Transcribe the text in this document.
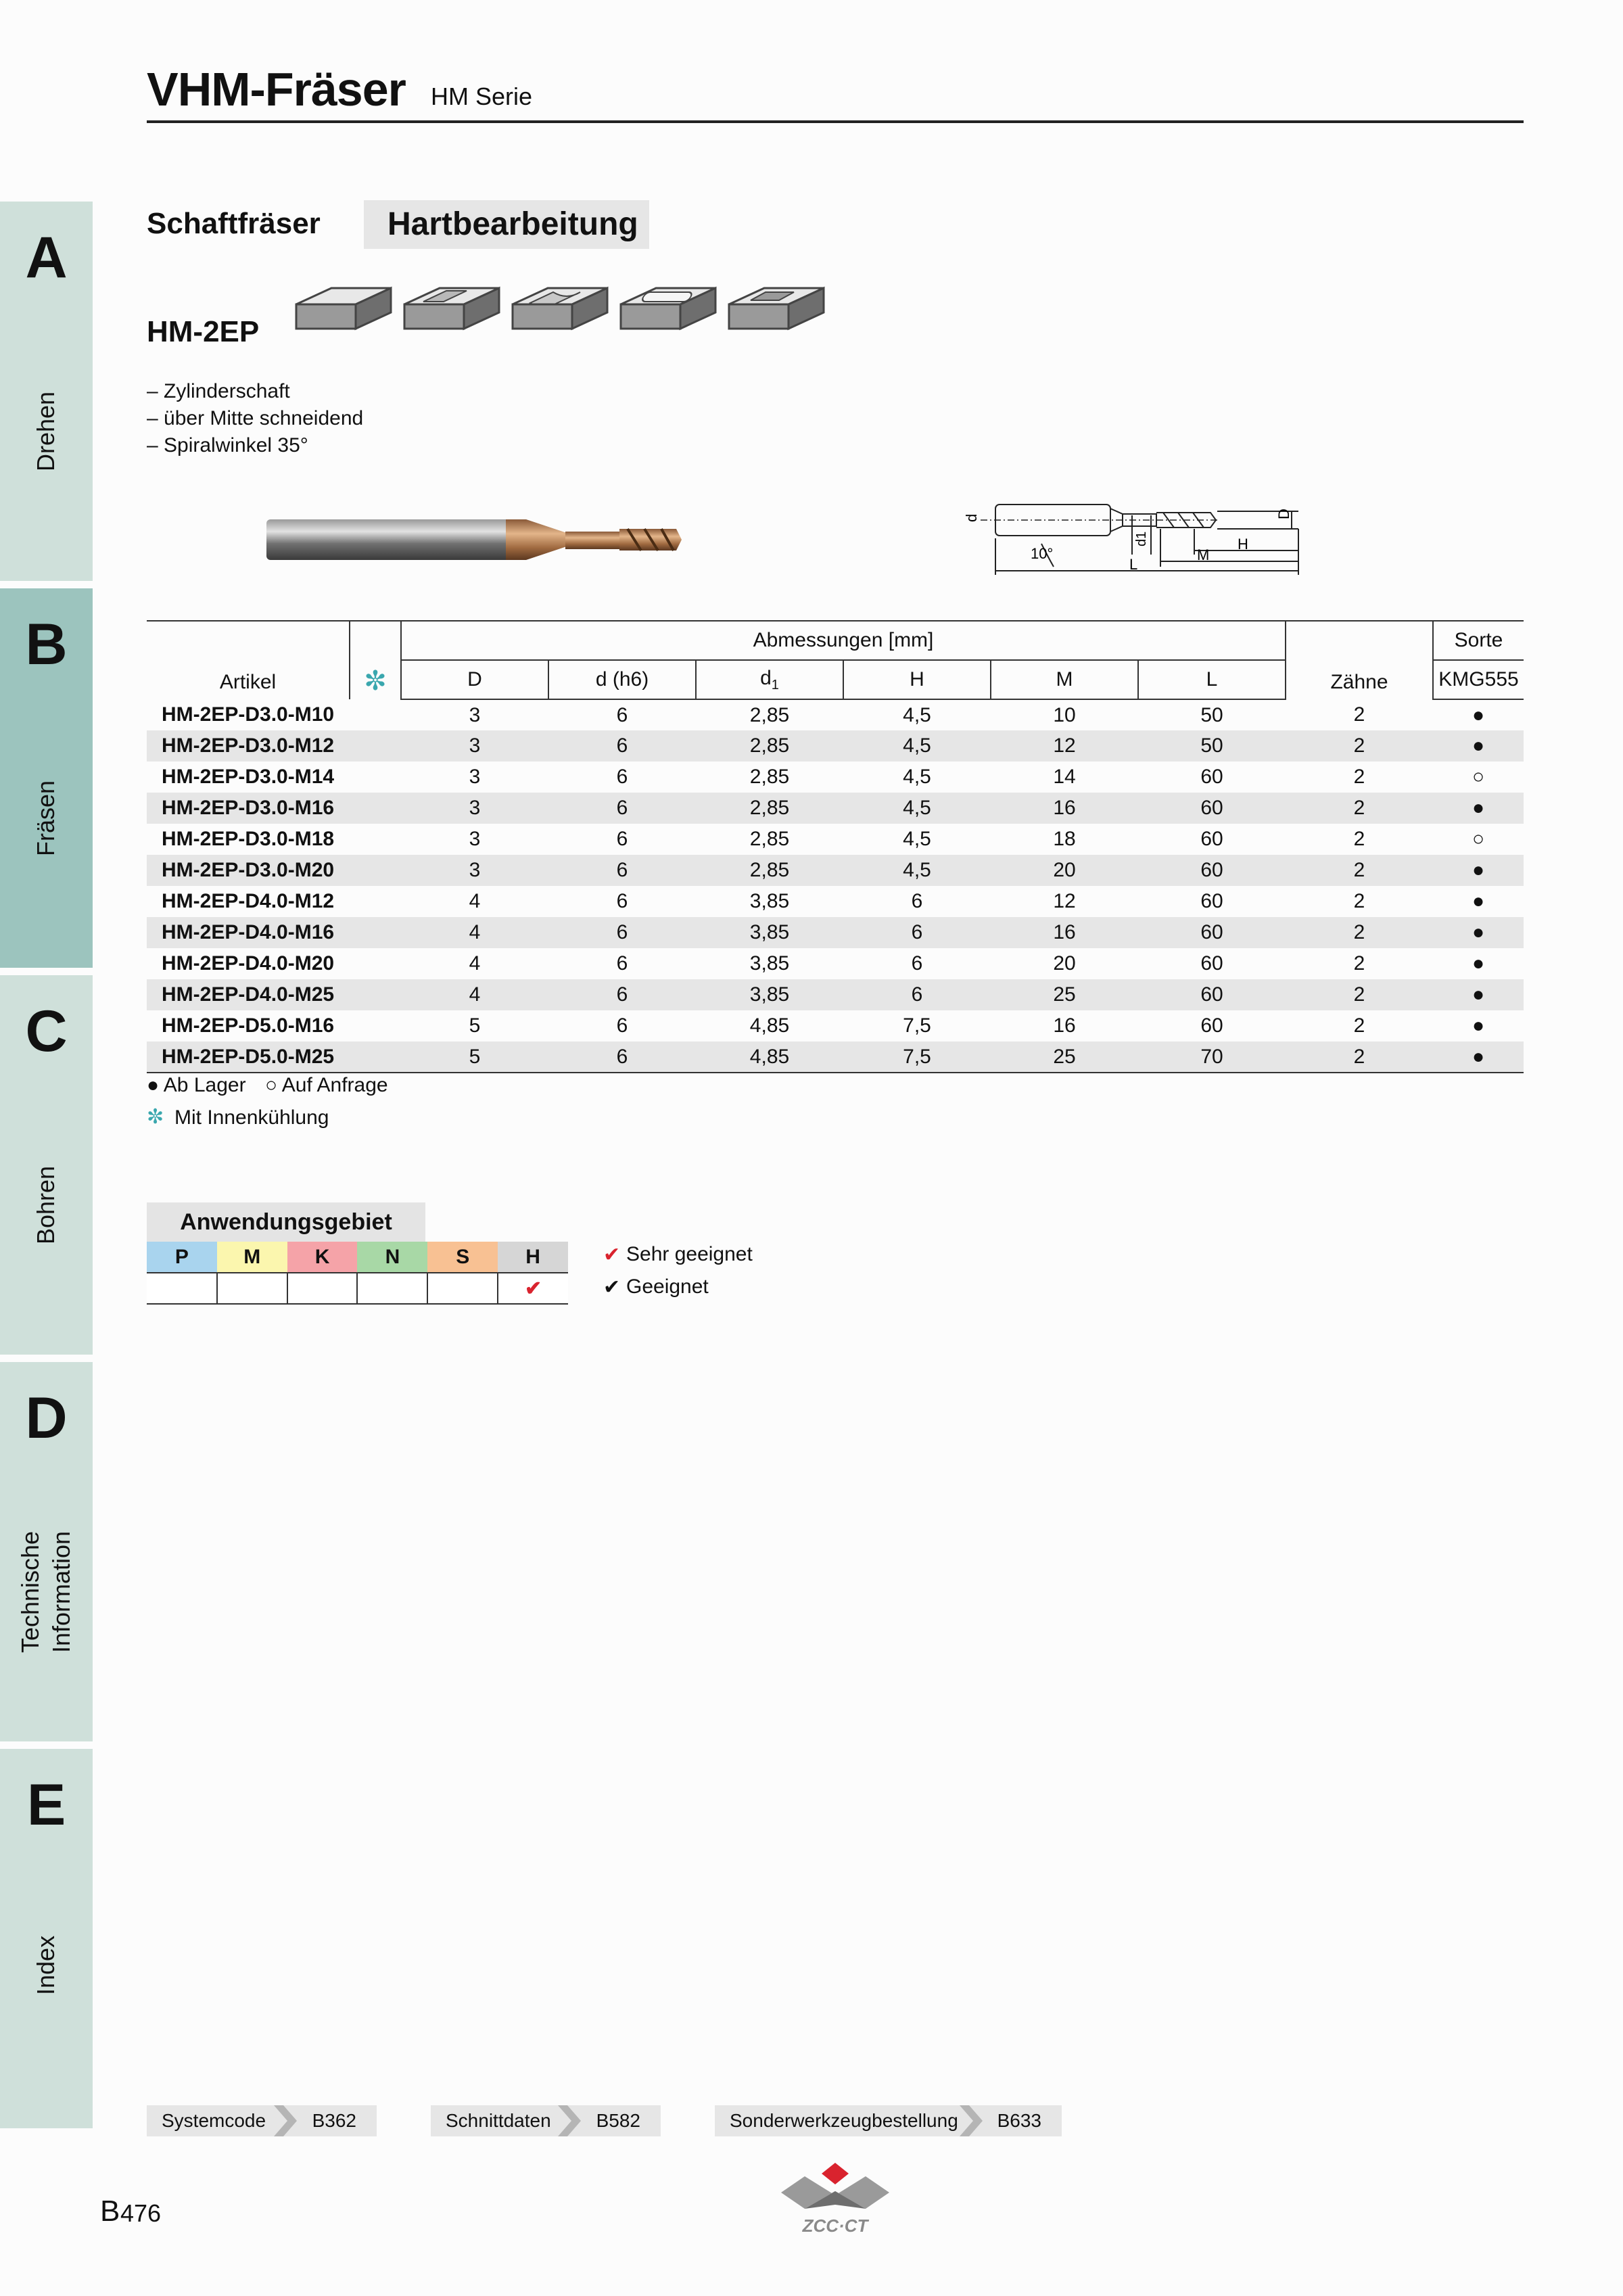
VHM-Fräser HM Serie
A
Drehen
B
Fräsen
C
Bohren
D
Technische
Information
E
Index
Schaftfräser	Hartbearbeitung
HM-2EP
– Zylinderschaft
– über Mitte schneidend
– Spiralwinkel 35°
d	D
d1
10°
L
M
H
Artikel	✼	Abmessungen [mm]						Zähne	Sorte
		D	d (h6)	$d_1$	H	M	L		KMG555
HM-2EP-D3.0-M10		3	6	2,85	4,5	10	50	2	●
HM-2EP-D3.0-M12		3	6	2,85	4,5	12	50	2	●
HM-2EP-D3.0-M14		3	6	2,85	4,5	14	60	2	○
HM-2EP-D3.0-M16		3	6	2,85	4,5	16	60	2	●
HM-2EP-D3.0-M18		3	6	2,85	4,5	18	60	2	○
HM-2EP-D3.0-M20		3	6	2,85	4,5	20	60	2	●
HM-2EP-D4.0-M12		4	6	3,85	6	12	60	2	●
HM-2EP-D4.0-M16		4	6	3,85	6	16	60	2	●
HM-2EP-D4.0-M20		4	6	3,85	6	20	60	2	●
HM-2EP-D4.0-M25		4	6	3,85	6	25	60	2	●
HM-2EP-D5.0-M16		5	6	4,85	7,5	16	60	2	●
HM-2EP-D5.0-M25		5	6	4,85	7,5	25	70	2	●
● Ab Lager ○ Auf Anfrage
✼ Mit Innenkühlung
Anwendungsgebiet
P	M	K	N	S	H
					✔
✔ Sehr geeignet
✔ Geeignet
Systemcode B362	Schnittdaten B582	Sonderwerkzeugbestellung B633
B 476	ZCC·CT
